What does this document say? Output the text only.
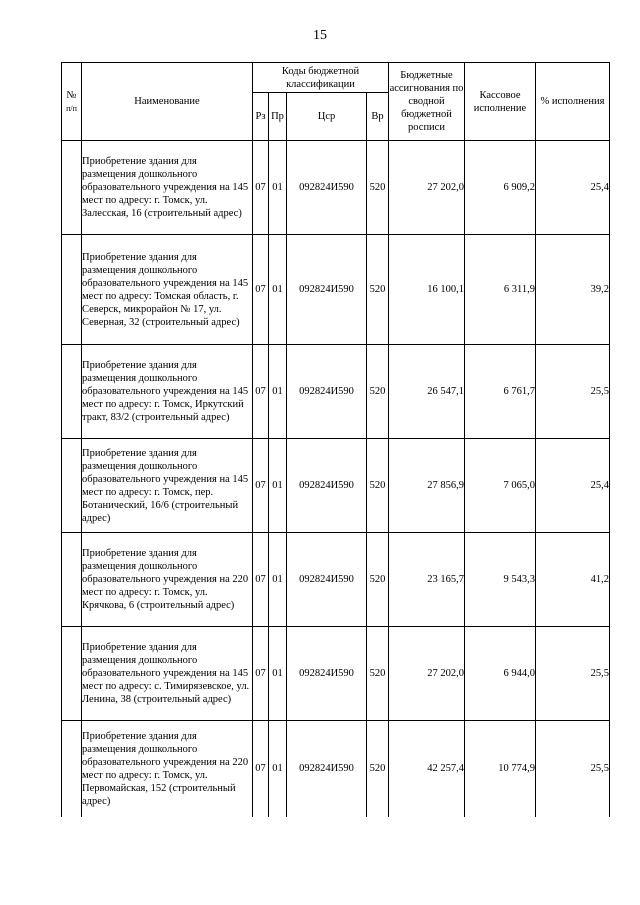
15
№
п/п	Наименование	Коды бюджетной классификации				Бюджетные ассигнования по сводной бюджетной росписи	Кассовое исполнение	% исполнения
		Рз	Пр	Цср	Вр			
	Приобретение здания для размещения дошкольного образовательного учреждения на 145 мест по адресу: г. Томск, ул. Залесская, 16 (строительный адрес)	07	01	092824И590	520	27 202,0	6 909,2	25,4
	Приобретение здания для размещения дошкольного образовательного учреждения на 145 мест по адресу: Томская область, г. Северск, микрорайон № 17, ул. Северная, 32 (строительный адрес)	07	01	092824И590	520	16 100,1	6 311,9	39,2
	Приобретение здания для размещения дошкольного образовательного учреждения на 145 мест по адресу: г. Томск, Иркутский тракт, 83/2 (строительный адрес)	07	01	092824И590	520	26 547,1	6 761,7	25,5
	Приобретение здания для размещения дошкольного образовательного учреждения на 145 мест по адресу: г. Томск, пер. Ботанический, 16/6 (строительный адрес)	07	01	092824И590	520	27 856,9	7 065,0	25,4
	Приобретение здания для размещения дошкольного образовательного учреждения на 220 мест по адресу: г. Томск, ул. Крячкова, 6 (строительный адрес)	07	01	092824И590	520	23 165,7	9 543,3	41,2
	Приобретение здания для размещения дошкольного образовательного учреждения на 145 мест по адресу: с. Тимирязевское, ул. Ленина, 38 (строительный адрес)	07	01	092824И590	520	27 202,0	6 944,0	25,5
	Приобретение здания для размещения дошкольного образовательного учреждения на 220 мест по адресу: г. Томск, ул. Первомайская, 152 (строительный адрес)	07	01	092824И590	520	42 257,4	10 774,9	25,5
